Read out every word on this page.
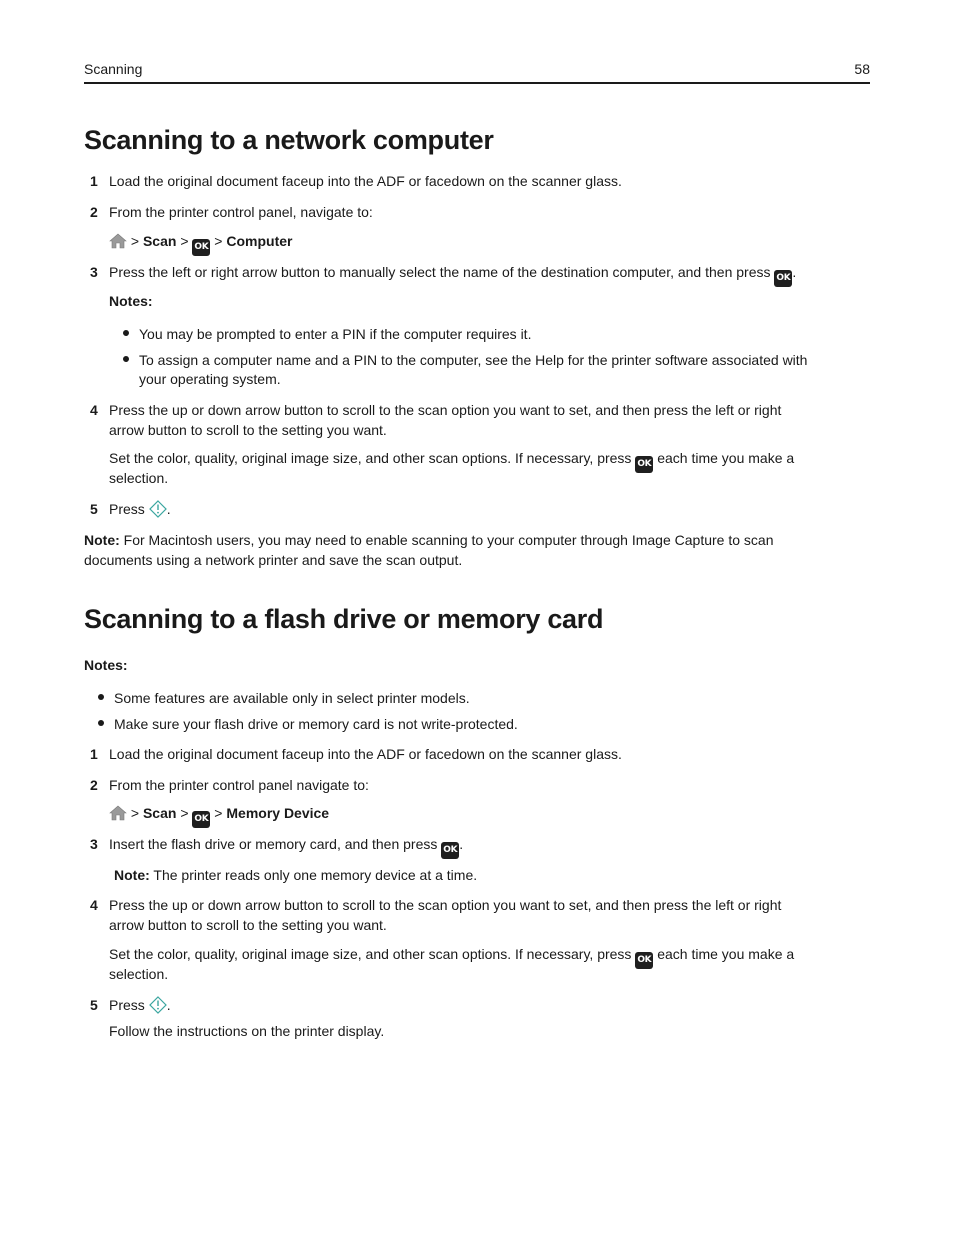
Scanning	58
Scanning to a network computer
1 Load the original document faceup into the ADF or facedown on the scanner glass.
2 From the printer control panel, navigate to:
> Scan > OK > Computer
3 Press the left or right arrow button to manually select the name of the destination computer, and then press OK .
Notes:
You may be prompted to enter a PIN if the computer requires it.
To assign a computer name and a PIN to the computer, see the Help for the printer software associated with
your operating system.
4 Press the up or down arrow button to scroll to the scan option you want to set, and then press the left or right
arrow button to scroll to the setting you want.
Set the color, quality, original image size, and other scan options. If necessary, press OK each time you make a
selection.
5 Press .
Note: For Macintosh users, you may need to enable scanning to your computer through Image Capture to scan
documents using a network printer and save the scan output.
Scanning to a flash drive or memory card
Notes:
Some features are available only in select printer models.
Make sure your flash drive or memory card is not write-protected.
1 Load the original document faceup into the ADF or facedown on the scanner glass.
2 From the printer control panel navigate to:
> Scan > OK > Memory Device
3 Insert the flash drive or memory card, and then press OK .
Note: The printer reads only one memory device at a time.
4 Press the up or down arrow button to scroll to the scan option you want to set, and then press the left or right
arrow button to scroll to the setting you want.
Set the color, quality, original image size, and other scan options. If necessary, press OK each time you make a
selection.
5 Press .
Follow the instructions on the printer display.
